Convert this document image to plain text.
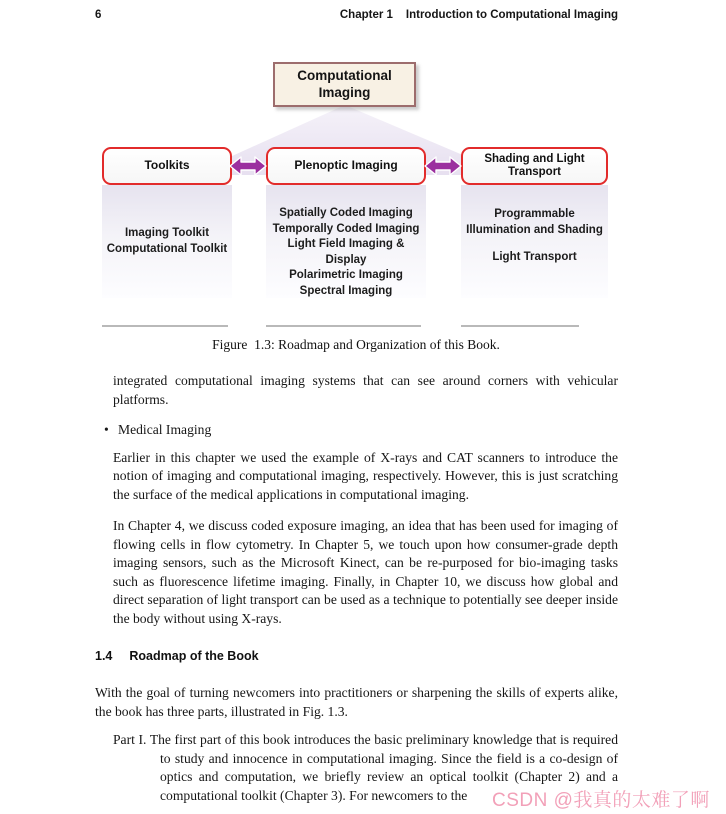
6	Chapter 1 Introduction to Computational Imaging
Computational Imaging
Imaging Toolkit
Computational Toolkit
Spatially Coded Imaging
Temporally Coded Imaging
Light Field Imaging & Display
Polarimetric Imaging
Spectral Imaging
Programmable Illumination and Shading
Light Transport
Toolkits	Plenoptic Imaging	Shading and Light Transport
Figure  1.3: Roadmap and Organization of this Book.

integrated computational imaging systems that can see around corners with vehicular platforms.

• Medical Imaging

Earlier in this chapter we used the example of X-rays and CAT scanners to introduce the notion of imaging and computational imaging, respectively. However, this is just scratching the surface of the medical applications in computational imaging.

In Chapter 4, we discuss coded exposure imaging, an idea that has been used for imaging of flowing cells in flow cytometry. In Chapter 5, we touch upon how consumer-grade depth imaging sensors, such as the Microsoft Kinect, can be re-purposed for bio-imaging tasks such as fluorescence lifetime imaging. Finally, in Chapter 10, we discuss how global and direct separation of light transport can be used as a technique to potentially see deeper inside the body without using X-rays.

1.4 Roadmap of the Book

With the goal of turning newcomers into practitioners or sharpening the skills of experts alike, the book has three parts, illustrated in Fig. 1.3.

Part I. The first part of this book introduces the basic preliminary knowledge that is required to study and innocence in computational imaging. Since the field is a co-design of optics and computation, we briefly review an optical toolkit (Chapter 2) and a computational toolkit (Chapter 3). For newcomers to the	CSDN @我真的太难了啊
